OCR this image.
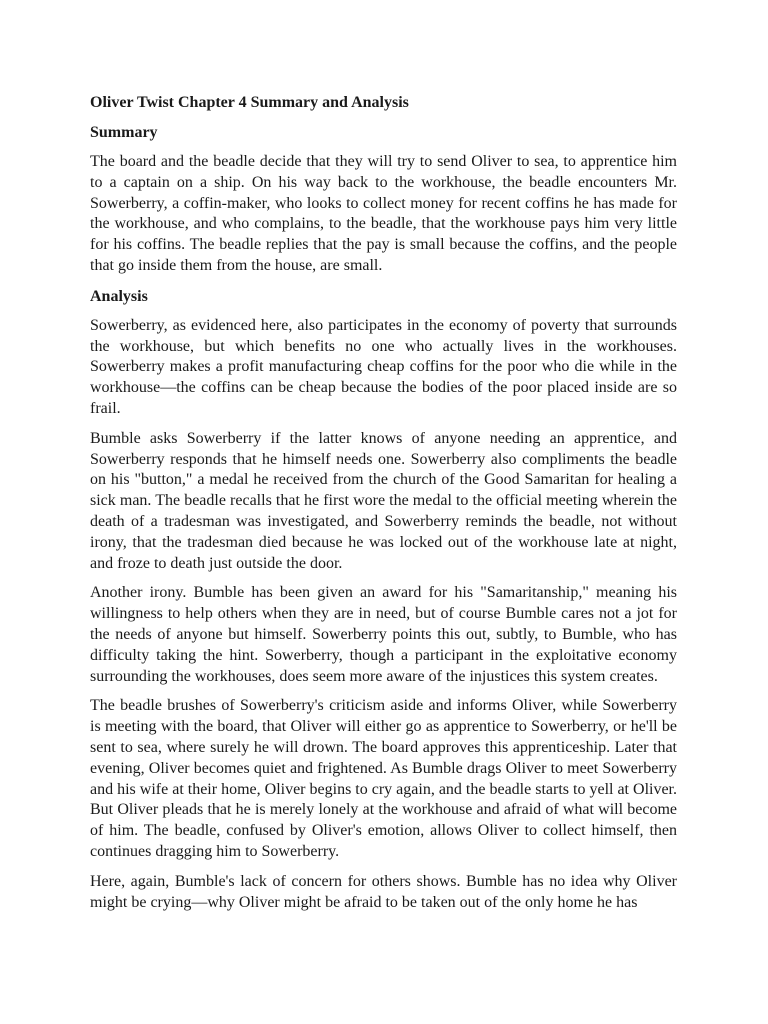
Oliver Twist Chapter 4 Summary and Analysis

Summary

The board and the beadle decide that they will try to send Oliver to sea, to apprentice him to a captain on a ship. On his way back to the workhouse, the beadle encounters Mr. Sowerberry, a coffin-maker, who looks to collect money for recent coffins he has made for the workhouse, and who complains, to the beadle, that the workhouse pays him very little for his coffins. The beadle replies that the pay is small because the coffins, and the people that go inside them from the house, are small.

Analysis

Sowerberry, as evidenced here, also participates in the economy of poverty that surrounds the workhouse, but which benefits no one who actually lives in the workhouses. Sowerberry makes a profit manufacturing cheap coffins for the poor who die while in the workhouse—the coffins can be cheap because the bodies of the poor placed inside are so frail.

Bumble asks Sowerberry if the latter knows of anyone needing an apprentice, and Sowerberry responds that he himself needs one. Sowerberry also compliments the beadle on his "button," a medal he received from the church of the Good Samaritan for healing a sick man. The beadle recalls that he first wore the medal to the official meeting wherein the death of a tradesman was investigated, and Sowerberry reminds the beadle, not without irony, that the tradesman died because he was locked out of the workhouse late at night, and froze to death just outside the door.

Another irony. Bumble has been given an award for his "Samaritanship," meaning his willingness to help others when they are in need, but of course Bumble cares not a jot for the needs of anyone but himself. Sowerberry points this out, subtly, to Bumble, who has difficulty taking the hint. Sowerberry, though a participant in the exploitative economy surrounding the workhouses, does seem more aware of the injustices this system creates.

The beadle brushes of Sowerberry's criticism aside and informs Oliver, while Sowerberry is meeting with the board, that Oliver will either go as apprentice to Sowerberry, or he'll be sent to sea, where surely he will drown. The board approves this apprenticeship. Later that evening, Oliver becomes quiet and frightened. As Bumble drags Oliver to meet Sowerberry and his wife at their home, Oliver begins to cry again, and the beadle starts to yell at Oliver. But Oliver pleads that he is merely lonely at the workhouse and afraid of what will become of him. The beadle, confused by Oliver's emotion, allows Oliver to collect himself, then continues dragging him to Sowerberry.

Here, again, Bumble's lack of concern for others shows. Bumble has no idea why Oliver might be crying—why Oliver might be afraid to be taken out of the only home he has
